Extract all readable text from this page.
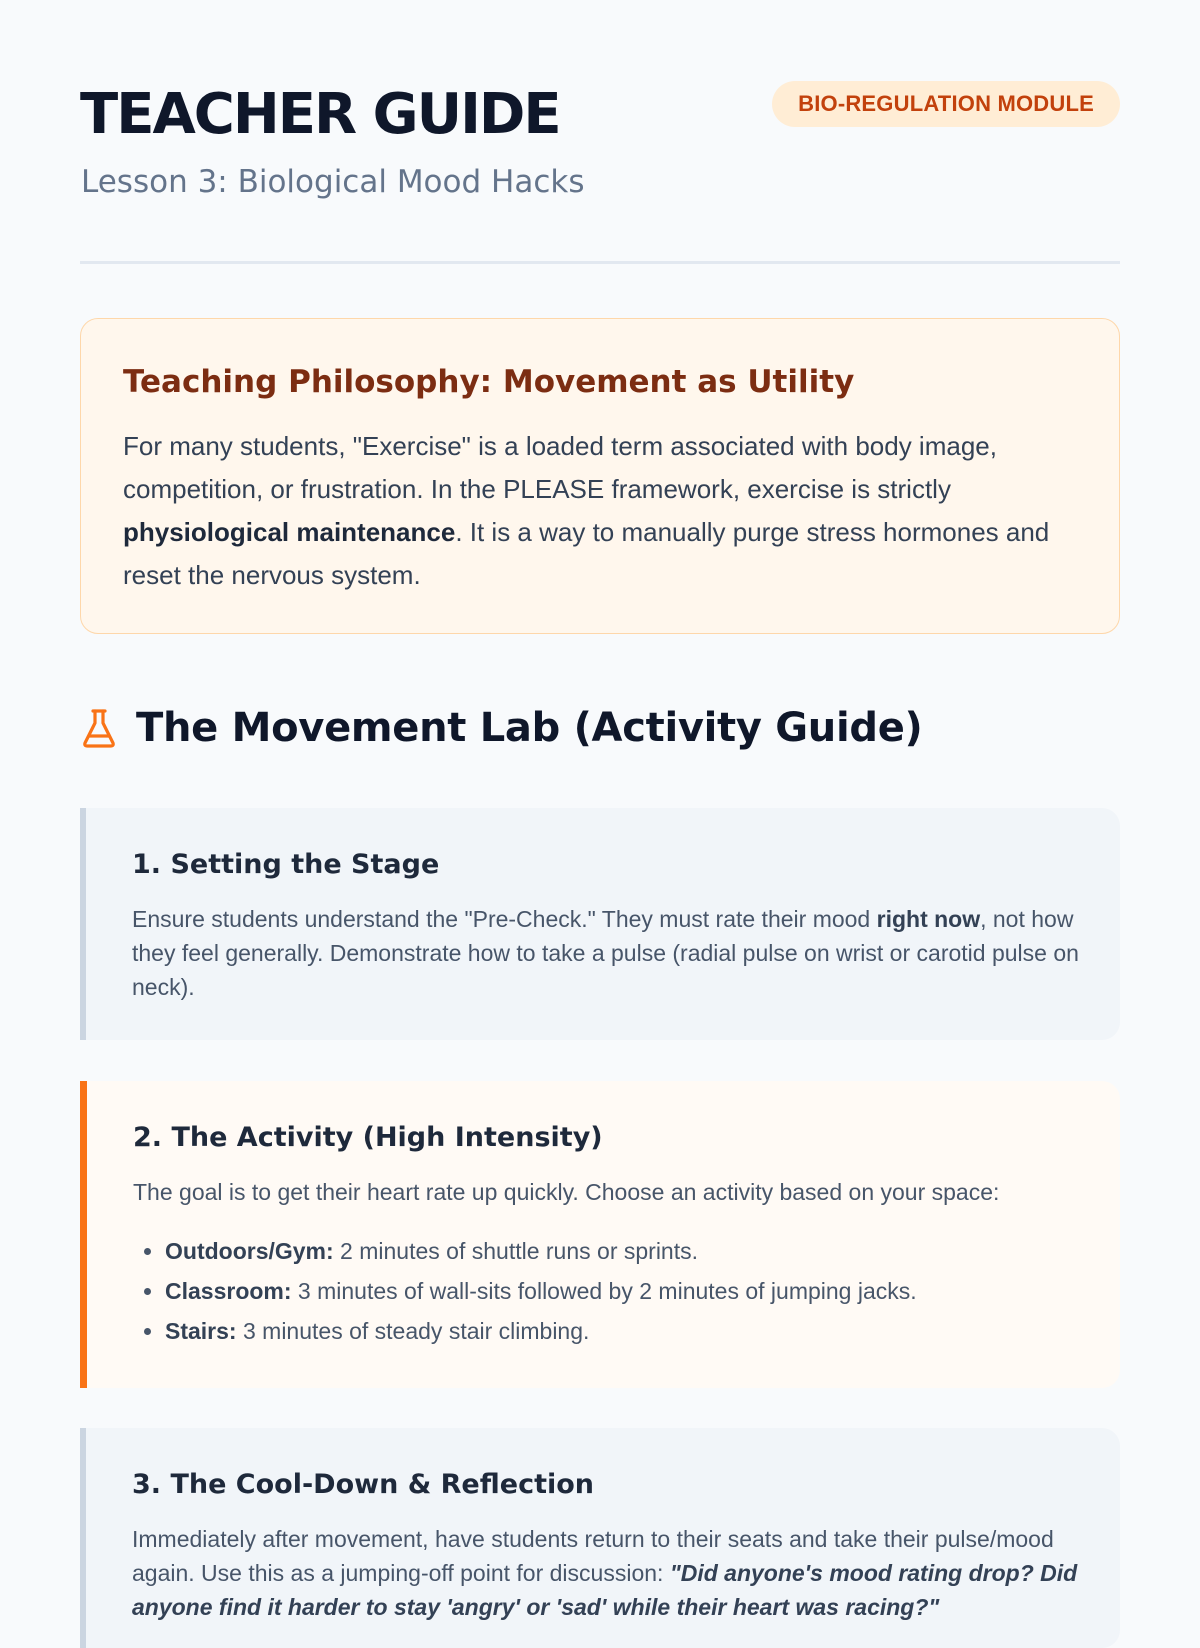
TEACHER GUIDE
Lesson 3: Biological Mood Hacks
BIO-REGULATION MODULE
Teaching Philosophy: Movement as Utility

For many students, "Exercise" is a loaded term associated with body image, competition, or frustration. In the PLEASE framework, exercise is strictly physiological maintenance. It is a way to manually purge stress hormones and reset the nervous system.

The Movement Lab (Activity Guide)
1. Setting the Stage

Ensure students understand the "Pre-Check." They must rate their mood right now, not how they feel generally. Demonstrate how to take a pulse (radial pulse on wrist or carotid pulse on neck).

2. The Activity (High Intensity)

The goal is to get their heart rate up quickly. Choose an activity based on your space:

• Outdoors/Gym: 2 minutes of shuttle runs or sprints.
• Classroom: 3 minutes of wall-sits followed by 2 minutes of jumping jacks.
• Stairs: 3 minutes of steady stair climbing.
3. The Cool-Down & Reflection

Immediately after movement, have students return to their seats and take their pulse/mood again. Use this as a jumping-off point for discussion: "Did anyone's mood rating drop? Did anyone find it harder to stay 'angry' or 'sad' while their heart was racing?"
